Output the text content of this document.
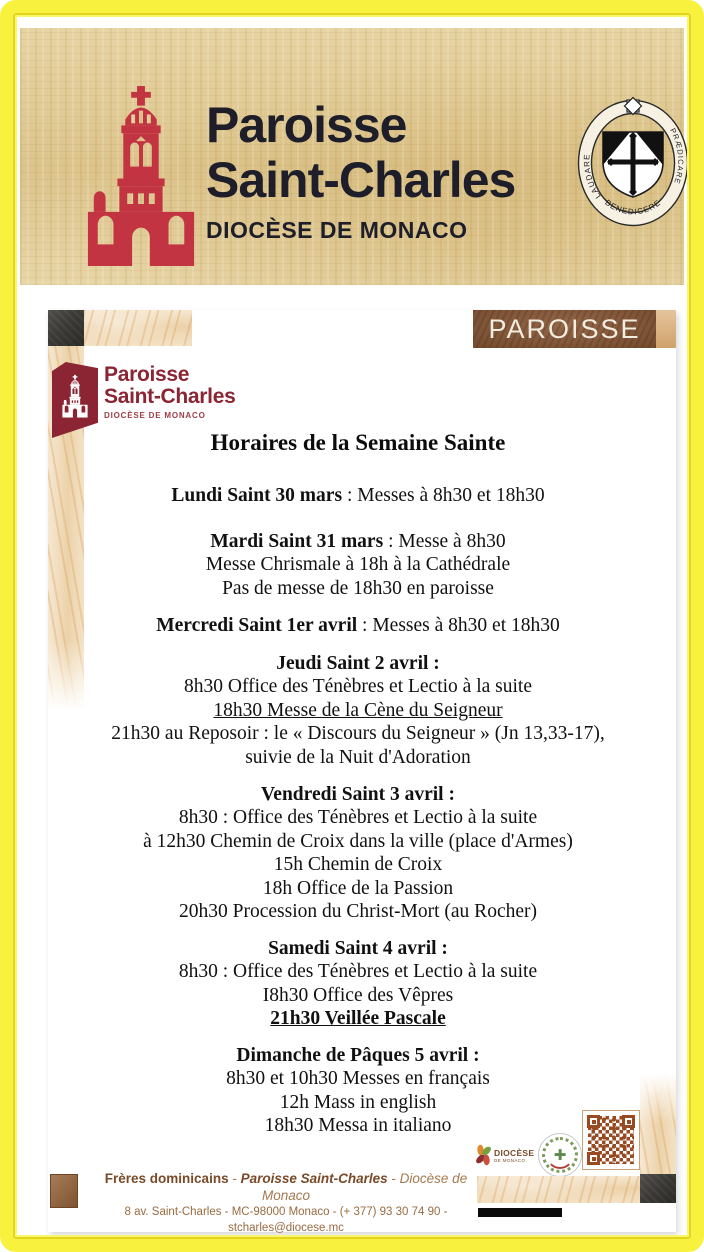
Paroisse
Saint-Charles
DIOCÈSE DE MONACO
LAUDARE
PRÆDICARE
BENEDICERE
Paroisse
Saint-Charles
DIOCÈSE DE MONACO
PAROISSE
Horaires de la Semaine Sainte
Lundi Saint 30 mars : Messes à 8h30 et 18h30
Mardi Saint 31 mars : Messe à 8h30
Messe Chrismale à 18h à la Cathédrale
Pas de messe de 18h30 en paroisse
Mercredi Saint 1er avril : Messes à 8h30 et 18h30
Jeudi Saint 2 avril :
8h30 Office des Ténèbres et Lectio à la suite
18h30 Messe de la Cène du Seigneur
21h30 au Reposoir : le « Discours du Seigneur » (Jn 13,33-17),
suivie de la Nuit d'Adoration
Vendredi Saint 3 avril :
8h30 : Office des Ténèbres et Lectio à la suite
à 12h30 Chemin de Croix dans la ville (place d'Armes)
15h Chemin de Croix
18h Office de la Passion
20h30 Procession du Christ-Mort (au Rocher)
Samedi Saint 4 avril :
8h30 : Office des Ténèbres et Lectio à la suite
I8h30 Office des Vêpres
21h30 Veillée Pascale
Dimanche de Pâques 5 avril :
8h30 et 10h30 Messes en français
12h Mass in english
18h30 Messa in italiano
DIOCÈSE
DE MONACO	✚
Frères dominicains - Paroisse Saint-Charles - Diocèse de Monaco
8 av. Saint-Charles - MC-98000 Monaco - (+ 377) 93 30 74 90 - stcharles@diocese.mc
